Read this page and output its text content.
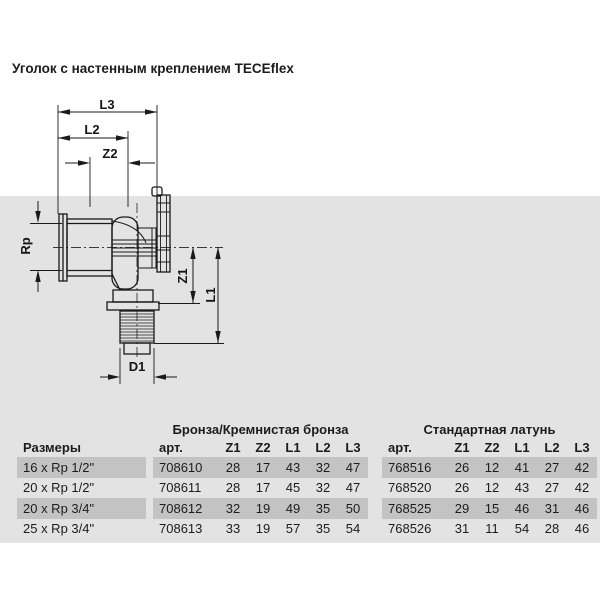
Уголок с настенным креплением TECEflex
L3
L2
Z2
Rp
Z1
L1
D1
Бронза/Кремнистая бронза	Стандартная латунь
Размеры	арт.	Z1	Z2	L1	L2	L3	арт.	Z1	Z2	L1	L2	L3
16 x Rp 1/2"	708610	28	17	43	32	47	768516	26	12	41	27	42
20 x Rp 1/2"	708611	28	17	45	32	47	768520	26	12	43	27	42
20 x Rp 3/4"	708612	32	19	49	35	50	768525	29	15	46	31	46
25 x Rp 3/4"	708613	33	19	57	35	54	768526	31	11	54	28	46
